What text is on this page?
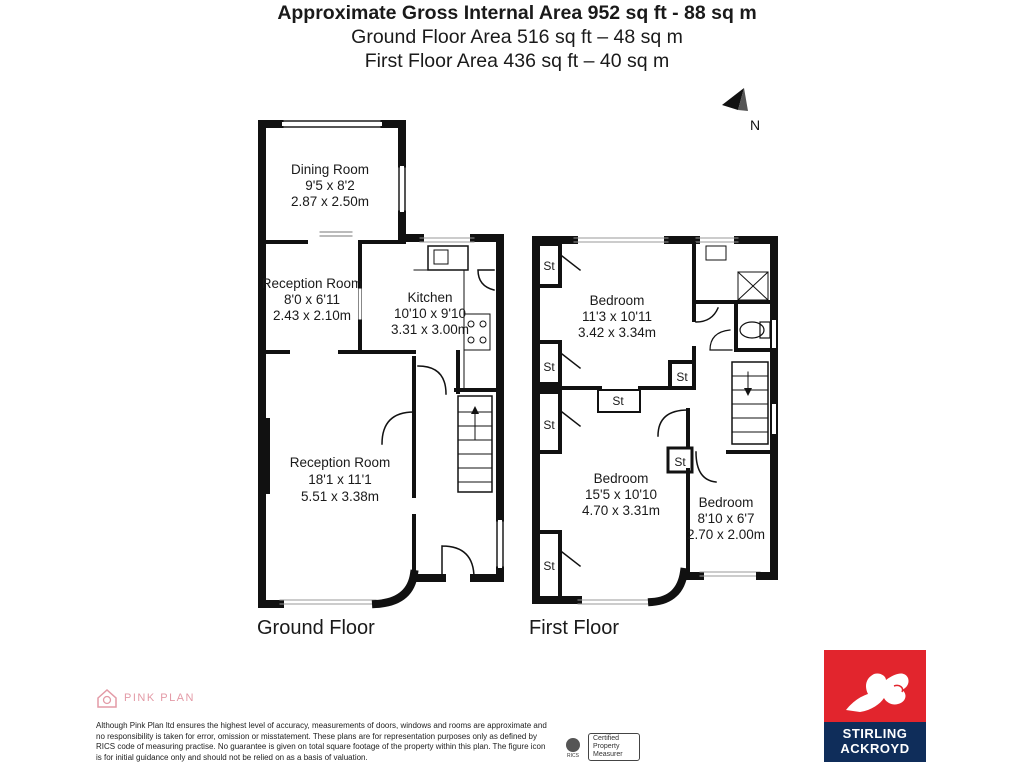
Approximate Gross Internal Area 952 sq ft - 88 sq m
Ground Floor Area 516 sq ft – 48 sq m
First Floor Area 436 sq ft – 40 sq m
N
Dining Room
9'5 x 8'2
2.87 x 2.50m
Reception Room
8'0 x 6'11
2.43 x 2.10m
Kitchen
10'10 x 9'10
3.31 x 3.00m
Reception Room
18'1 x 11'1
5.51 x 3.38m
Bedroom
11'3 x 10'11
3.42 x 3.34m
Bedroom
15'5 x 10'10
4.70 x 3.31m
Bedroom
8'10 x 6'7
2.70 x 2.00m
St
St
St
St
St
St
St
Ground Floor	First Floor
PINK PLAN
Although Pink Plan ltd ensures the highest level of accuracy, measurements of doors, windows and rooms are approximate and no responsibility is taken for error, omission or misstatement. These plans are for representation purposes only as defined by RICS code of measuring practise. No guarantee is given on total square footage of the property within this plan. The figure icon is for initial guidance only and should not be relied on as a basis of valuation.	RICS
Certified Property Measurer
STIRLING
ACKROYD
